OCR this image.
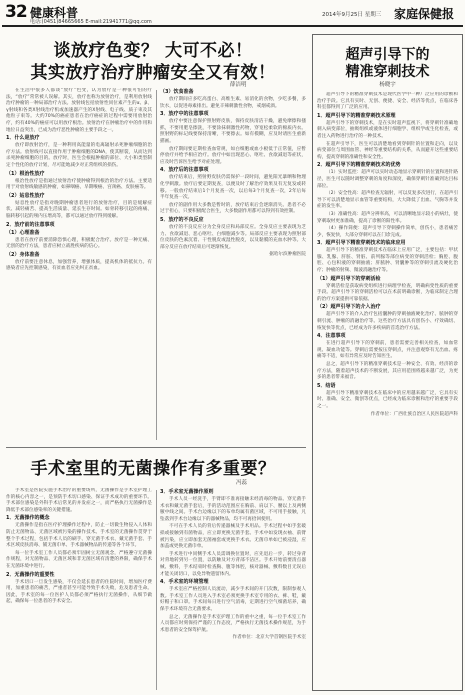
32 健康科普
电话:(0451)84665665 E-mail:21941771@qq.com
2014年9月25日 星期三 家庭保健报
谈放疗色变？ 大可不必！
其实放疗治疗肿瘤安全又有效！
薛洁明

在生活中很多人都谈“放疗”色变，认为放疗是一种很可怕的疗法，“放疗”常常被人误解。其实，放疗也称为放射治疗，是利用放射线治疗肿瘤的一种局部治疗方法。放射线包括放射性同位素产生的α、β、γ射线和各类X射线治疗机或加速器产生的X射线、电子线、质子束及其他粒子束等。大约70%的癌症患者在治疗癌症的过程中需要用放射治疗，约有40%的癌症可以用放疗根治。放射治疗在肿瘤治疗中的作用和地位日益突出，已成为治疗恶性肿瘤的主要手段之一。

1．什么是放疗

放疗即放射治疗，是一种利用高能量的电离辐射杀死肿瘤细胞的治疗方法。放射线可以直接作用于肿瘤细胞的DNA，使其断裂，从而达到杀死肿瘤细胞的目的。放疗时，医生会根据肿瘤的部位、大小和类型制定个性化的放疗计划，尽可能地减少对正常组织的损伤。

（1）根治性放疗

根治性放疗是指通过放射治疗使肿瘤得到根治的治疗方法。主要适用于对放射线敏感的肿瘤，如鼻咽癌、早期喉癌、宫颈癌、皮肤癌等。

（2）姑息性放疗

姑息性放疗是指对晚期肿瘤患者进行的放射治疗，目的是缓解症状、减轻痛苦、提高生活质量、延长生存时间。如骨转移引起的疼痛、脑转移引起的颅内压增高等，都可以通过放疗得到缓解。

2．放疗前的注意事项

（1）心理准备

患者在放疗前要消除恐惧心理，积极配合治疗。放疗是一种无痛、无创的治疗方法，患者应树立战胜疾病的信心。

（2）身体准备

放疗前要注意休息，加强营养，增强体质，提高机体的抵抗力。有感染者应先控制感染，有贫血者应先纠正贫血。

（3）饮食准备

放疗期间应多吃高蛋白、高维生素、易消化的食物，少吃多餐，多饮水，以促进毒素排出。避免辛辣刺激性食物，戒烟戒酒。

3．放疗中的注意事项

放疗中要注意保护照射野皮肤，保持皮肤清洁干燥，避免摩擦和搔抓，不要用肥皂擦洗，不要涂抹刺激性药物，穿宽松柔软的棉质内衣。照射野的标记线要保持清晰，不要擦去。如有模糊，应及时请医生重新描画。

放疗期间要定期检查血常规，如白细胞或血小板低于正常值，应暂停放疗并给予相应治疗。放疗中如出现恶心、呕吐、食欲减退等症状，应及时告诉医生给予对症处理。

4．放疗后的注意事项

放疗结束后，照射野皮肤仍需保护一段时间，避免阳光暴晒和物理化学刺激。放疗后要定期复查，以便及时了解治疗效果及有无复发或转移。一般放疗结束后1个月复查一次，以后每3个月复查一次，2年后每半年复查一次。

放疗的副作用大多数是暂时的，放疗结束后会逐渐消失。患者不必过于担心，只要积极配合医生，大多数副作用都可以得到有效控制。

5．放疗的不良反应

放疗的不良反应分为全身反应和局部反应。全身反应主要表现为乏力、食欲减退、恶心呕吐、白细胞减少等。局部反应主要表现为照射部位皮肤的色素沉着、干性脱皮或湿性脱皮，以及黏膜的充血水肿等。大部分反应在放疗结束后可逐渐恢复。

据哈尔滨肿瘤医院

手术室里的无菌操作有多重要？
冯蕊

手术室是医院实施手术治疗的重要场所，无菌操作是手术室护理工作的核心内容之一，是预防手术切口感染、保证手术成功的重要环节。手术部位感染是外科手术后常见的并发症之一，而严格执行无菌操作是降低手术部位感染率的关键措施。

1．无菌操作的概念

无菌操作是指在医疗护理操作过程中，防止一切微生物侵入人体和防止无菌物品、无菌区域被污染的操作技术。手术室的无菌操作贯穿于整个手术过程，包括手术人员的刷手、穿无菌手术衣、戴无菌手套、手术区域皮肤消毒、铺无菌巾单、手术器械物品的传递等各个环节。

每一位手术室工作人员都必须牢固树立无菌观念，严格遵守无菌操作规程，对无菌物品、无菌区域和非无菌区域有清楚的界限，确保手术在无菌环境中进行。

2．无菌操作的重要性

手术切口一旦发生感染，不仅会延长患者的住院时间，增加医疗费用，加重患者的痛苦，严重者甚至可能导致手术失败，危及患者生命。因此，手术室的每一位医护人员都必须严格执行无菌操作，从细节做起，确保每一位患者的手术安全。

3．手术室无菌操作原则

手术人员一经洗手，手臂即不准再接触未经消毒的物品。穿无菌手术衣和戴无菌手套后，手的活动范围应在胸前、肩以下、腰以上及两侧腋中线之间。手术台边缘以下的布单均属有菌区域，不可用手接触，凡坠落到手术台边缘以下的器械物品，均不可再拾回使用。

不可在手术人员的背后传递器械及手术用品。手术过程中如手套破损或接触到有菌物品，应立即更换无菌手套。手术中如发现衣袖、前臂被污染，应立即加套无菌袖套或更换手术衣。无菌巾单如已被浸湿，应加盖或更换无菌巾单。

手术进行中同侧手术人员需调换位置时，应先退后一步，转过身背对背地转到另一位置，以防触及对方背部不洁区。手术开始前要清点器械、敷料，手术结束时检查胸、腹等体腔，核对器械、敷料数目无误后才能关闭切口，以免异物遗留体内。

4．手术室的环境管理

手术室应严格控制人员流动，减少手术间的开门次数，限制参观人数。手术室工作人员进入手术室必须更换手术室专用的衣、裤、鞋，戴好帽子和口罩。手术间每日进行空气消毒，定期进行空气细菌培养，确保手术环境符合无菌要求。

总之，无菌操作是手术室护理工作的重中之重，每一位手术室工作人员都应时刻保持严谨的工作态度，严格执行无菌技术操作规范，为手术患者的安全保驾护航。

作者单位：北京大学首钢医院手术室

超声引导下的
精准穿刺技术
杨晓宇

超声引导下的精准穿刺技术是现代医学中一种广泛应用的诊断和治疗手段。它具有实时、无创、便捷、安全、经济等优点，在临床各科室都得到了广泛的应用。

1．超声引导下的精准穿刺技术原理

超声引导下的穿刺技术，是在实时超声监视下，将穿刺针准确地刺入病变部位，抽吸组织或液体进行细胞学、组织学或生化检查，或者注入药物进行治疗的一种技术。

在超声引导下，医生可以清楚地看到穿刺针的位置和走向，以及病变部位与周围血管、神经等重要结构的关系，从而避开这些重要结构，提高穿刺的准确性和安全性。

2．超声引导下的精准穿刺技术的优势

（1）实时监控：超声可以实时动态地显示穿刺针的位置和进针路径，医生可以随时调整穿刺的角度和深度，确保穿刺针准确到达目标部位。

（2）安全性高：超声检查无辐射，可以反复多次进行，在超声引导下可以清楚地显示血管等重要结构，大大降低了出血、气胸等并发症的发生率。

（3）准确性高：超声分辨率高，可以清晰地显示较小的病灶，使穿刺取材更加准确，提高了诊断的阳性率。

（4）操作简便：超声引导下穿刺操作简单，创伤小，患者痛苦少，恢复快，大部分穿刺可以在门诊完成。

3．超声引导下精准穿刺技术的临床应用

超声引导下的精准穿刺技术在临床上应用广泛，主要包括：甲状腺、乳腺、肝脏、肾脏、前列腺等部位病变的穿刺活检；胸腔、腹腔、心包积液的穿刺抽液；肝脓肿、肾囊肿等的穿刺引流及硬化治疗；肿瘤的射频、微波消融治疗等。

（1）超声引导下的穿刺活检

穿刺活检是获取病变组织进行病理学检查，明确病变性质的重要手段。超声引导下的穿刺活检可以在术前明确诊断，为临床制定合理的治疗方案提供可靠依据。

（2）超声引导下的介入治疗

超声引导下的介入治疗包括囊肿的穿刺抽液硬化治疗、脓肿的穿刺引流、肿瘤的消融治疗等。这些治疗方法具有创伤小、疗效确切、恢复快等优点，已经成为许多疾病的首选治疗方法。

4．注意事项

在进行超声引导下的穿刺前，患者需要完善相关检查，如血常规、凝血功能等。穿刺后需要按压穿刺点，并注意观察有无出血、疼痛等不适，如有异常应及时告知医生。

总之，超声引导下的精准穿刺技术是一种安全、有效、经济的诊疗方法，随着超声技术的不断发展，其应用范围将越来越广泛，为更多的患者带来福音。

5．结语

超声引导下精准穿刺技术在临床中的应用越来越广泛，它具有实时、准确、安全、微创等优点，已经成为临床诊断和治疗的重要手段之一。

作者单位：广西壮族自治区人民医院超声科
